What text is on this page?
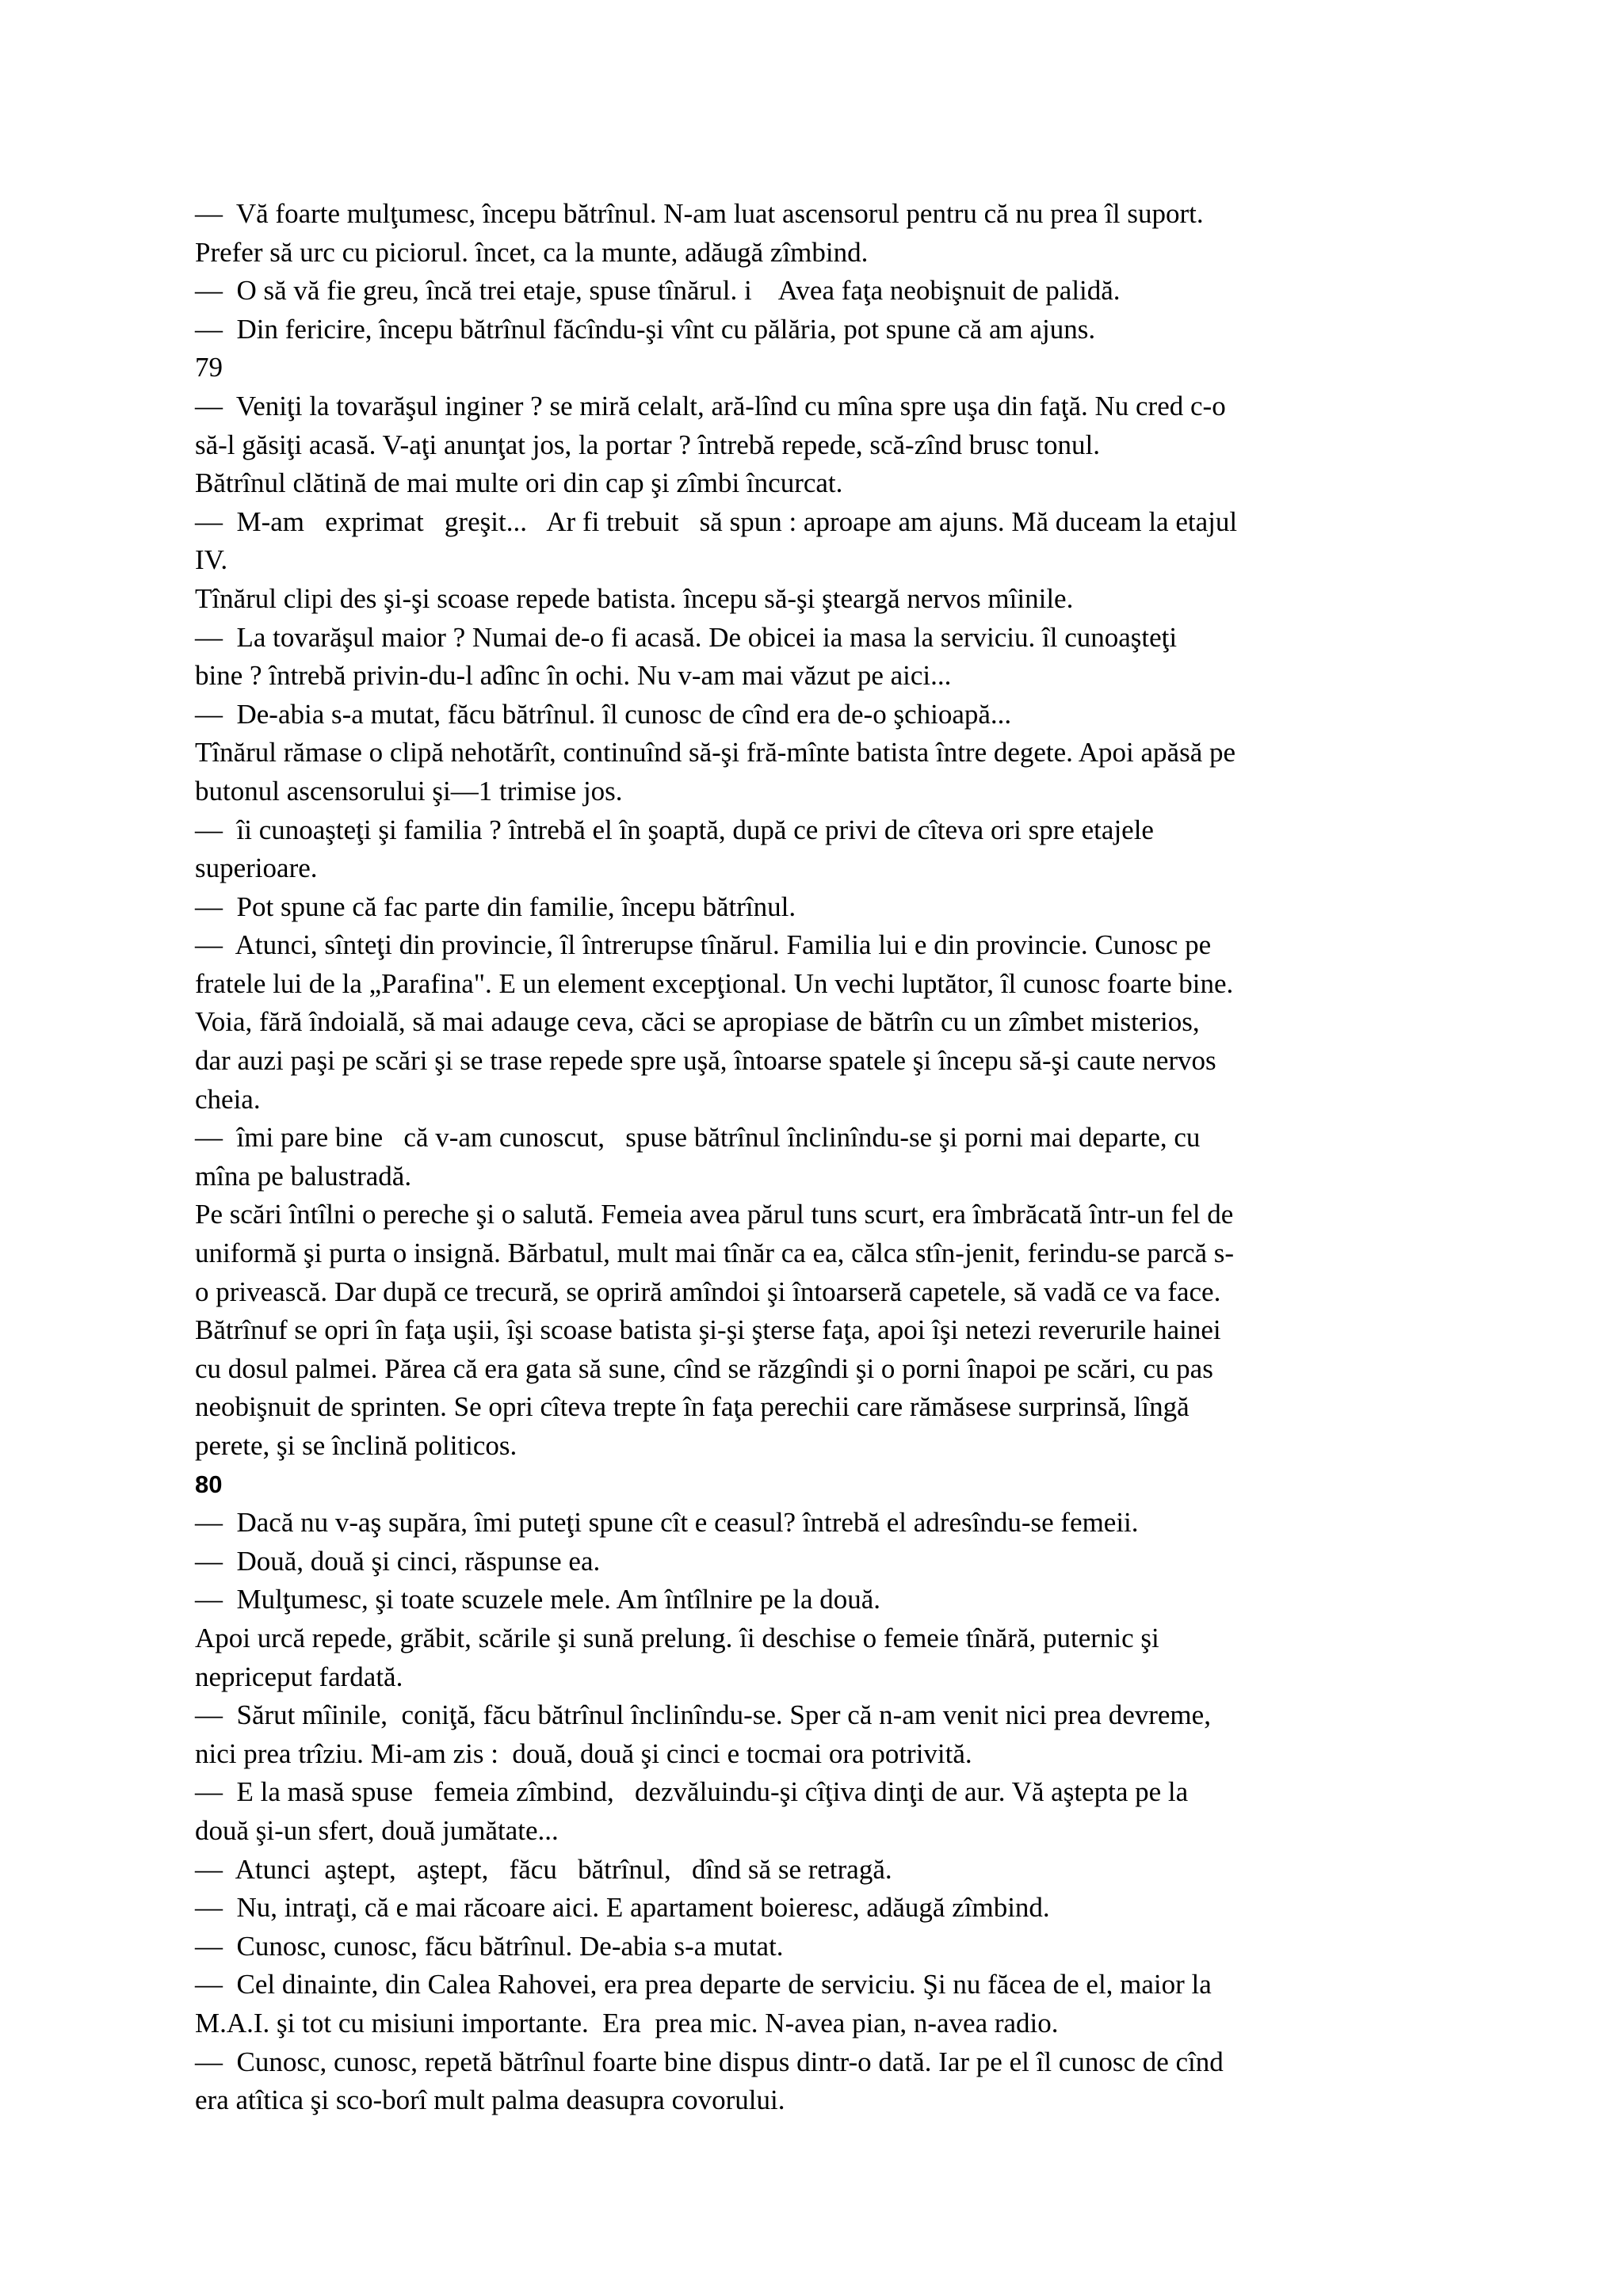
—  Vă foarte mulţumesc, începu bătrînul. N-am luat ascensorul pentru că nu prea îl suport.
Prefer să urc cu piciorul. încet, ca la munte, adăugă zîmbind.
—  O să vă fie greu, încă trei etaje, spuse tînărul. i    Avea faţa neobişnuit de palidă.
—  Din fericire, începu bătrînul făcîndu-şi vînt cu pălăria, pot spune că am ajuns.
79
—  Veniţi la tovarăşul inginer ? se miră celalt, ară-lînd cu mîna spre uşa din faţă. Nu cred c-o
să-l găsiţi acasă. V-aţi anunţat jos, la portar ? întrebă repede, scă-zînd brusc tonul.
Bătrînul clătină de mai multe ori din cap şi zîmbi încurcat.
—  M-am   exprimat   greşit...   Ar fi trebuit   să spun : aproape am ajuns. Mă duceam la etajul
IV.
Tînărul clipi des şi-şi scoase repede batista. începu să-şi şteargă nervos mîinile.
—  La tovarăşul maior ? Numai de-o fi acasă. De obicei ia masa la serviciu. îl cunoaşteţi
bine ? întrebă privin-du-l adînc în ochi. Nu v-am mai văzut pe aici...
—  De-abia s-a mutat, făcu bătrînul. îl cunosc de cînd era de-o şchioapă...
Tînărul rămase o clipă nehotărît, continuînd să-şi fră-mînte batista între degete. Apoi apăsă pe
butonul ascensorului şi—1 trimise jos.
—  îi cunoaşteţi şi familia ? întrebă el în şoaptă, după ce privi de cîteva ori spre etajele
superioare.
—  Pot spune că fac parte din familie, începu bătrînul.
—  Atunci, sînteţi din provincie, îl întrerupse tînărul. Familia lui e din provincie. Cunosc pe
fratele lui de la „Parafina". E un element excepţional. Un vechi luptător, îl cunosc foarte bine.
Voia, fără îndoială, să mai adauge ceva, căci se apropiase de bătrîn cu un zîmbet misterios,
dar auzi paşi pe scări şi se trase repede spre uşă, întoarse spatele şi începu să-şi caute nervos
cheia.
—  îmi pare bine   că v-am cunoscut,   spuse bătrînul înclinîndu-se şi porni mai departe, cu
mîna pe balustradă.
Pe scări întîlni o pereche şi o salută. Femeia avea părul tuns scurt, era îmbrăcată într-un fel de
uniformă şi purta o insignă. Bărbatul, mult mai tînăr ca ea, călca stîn-jenit, ferindu-se parcă s-
o privească. Dar după ce trecură, se opriră amîndoi şi întoarseră capetele, să vadă ce va face.
Bătrînuf se opri în faţa uşii, îşi scoase batista şi-şi şterse faţa, apoi îşi netezi reverurile hainei
cu dosul palmei. Părea că era gata să sune, cînd se răzgîndi şi o porni înapoi pe scări, cu pas
neobişnuit de sprinten. Se opri cîteva trepte în faţa perechii care rămăsese surprinsă, lîngă
perete, şi se înclină politicos.
80
—  Dacă nu v-aş supăra, îmi puteţi spune cît e ceasul? întrebă el adresîndu-se femeii.
—  Două, două şi cinci, răspunse ea.
—  Mulţumesc, şi toate scuzele mele. Am întîlnire pe la două.
Apoi urcă repede, grăbit, scările şi sună prelung. îi deschise o femeie tînără, puternic şi
nepriceput fardată.
—  Sărut mîinile,  coniţă, făcu bătrînul înclinîndu-se. Sper că n-am venit nici prea devreme,
nici prea trîziu. Mi-am zis :  două, două şi cinci e tocmai ora potrivită.
—  E la masă spuse   femeia zîmbind,   dezvăluindu-şi cîţiva dinţi de aur. Vă aştepta pe la
două şi-un sfert, două jumătate...
—  Atunci  aştept,   aştept,   făcu   bătrînul,   dînd să se retragă.
—  Nu, intraţi, că e mai răcoare aici. E apartament boieresc, adăugă zîmbind.
—  Cunosc, cunosc, făcu bătrînul. De-abia s-a mutat.
—  Cel dinainte, din Calea Rahovei, era prea departe de serviciu. Şi nu făcea de el, maior la
M.A.I. şi tot cu misiuni importante.  Era  prea mic. N-avea pian, n-avea radio.
—  Cunosc, cunosc, repetă bătrînul foarte bine dispus dintr-o dată. Iar pe el îl cunosc de cînd
era atîtica şi sco-borî mult palma deasupra covorului.
